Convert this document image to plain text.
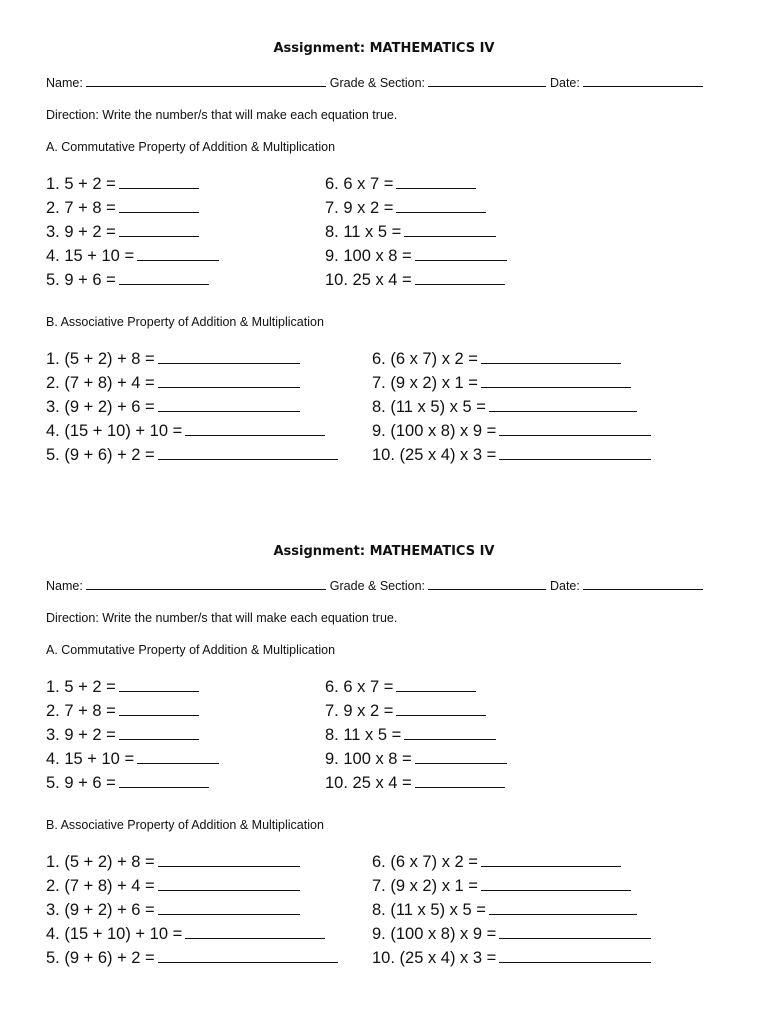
Assignment: MATHEMATICS IV
Name:	Grade & Section:	Date:
Direction: Write the number/s that will make each equation true.
A. Commutative Property of Addition & Multiplication
1. 5 + 2 =
2. 7 + 8 =
3. 9 + 2 =
4. 15 + 10 =
5. 9 + 6 =
6. 6 x 7 =
7. 9 x 2 =
8. 11 x 5 =
9. 100 x 8 =
10. 25 x 4 =
B. Associative Property of Addition & Multiplication
1. (5 + 2) + 8 =
2. (7 + 8) + 4 =
3. (9 + 2) + 6 =
4. (15 + 10) + 10 =
5. (9 + 6) + 2 =
6. (6 x 7) x 2 =
7. (9 x 2) x 1 =
8. (11 x 5) x 5 =
9. (100 x 8) x 9 =
10. (25 x 4) x 3 =
Assignment: MATHEMATICS IV
Name:	Grade & Section:	Date:
Direction: Write the number/s that will make each equation true.
A. Commutative Property of Addition & Multiplication
1. 5 + 2 =
2. 7 + 8 =
3. 9 + 2 =
4. 15 + 10 =
5. 9 + 6 =
6. 6 x 7 =
7. 9 x 2 =
8. 11 x 5 =
9. 100 x 8 =
10. 25 x 4 =
B. Associative Property of Addition & Multiplication
1. (5 + 2) + 8 =
2. (7 + 8) + 4 =
3. (9 + 2) + 6 =
4. (15 + 10) + 10 =
5. (9 + 6) + 2 =
6. (6 x 7) x 2 =
7. (9 x 2) x 1 =
8. (11 x 5) x 5 =
9. (100 x 8) x 9 =
10. (25 x 4) x 3 =
